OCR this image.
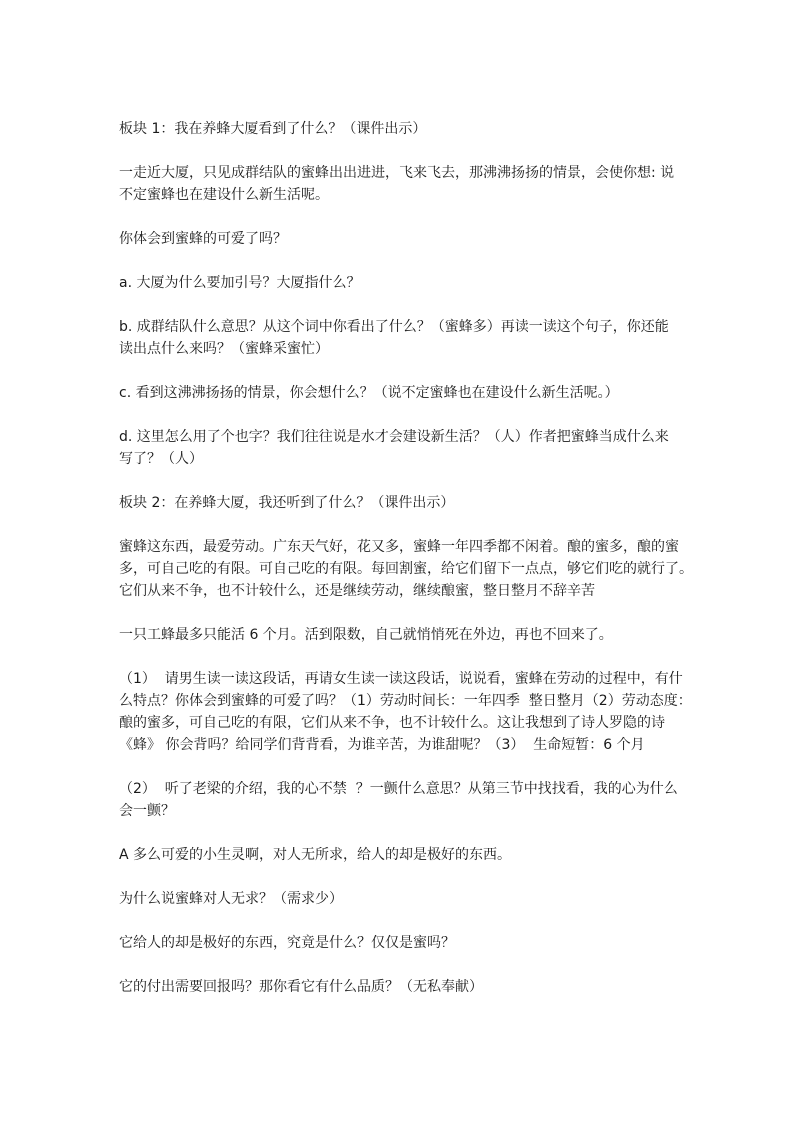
板块 1：我在养蜂大厦看到了什么？（课件出示）

一走近大厦，只见成群结队的蜜蜂出出进进，飞来飞去，那沸沸扬扬的情景，会使你想: 说
不定蜜蜂也在建设什么新生活呢。

你体会到蜜蜂的可爱了吗？

a. 大厦为什么要加引号？大厦指什么？

b. 成群结队什么意思？从这个词中你看出了什么？（蜜蜂多）再读一读这个句子，你还能
读出点什么来吗？（蜜蜂采蜜忙）

c. 看到这沸沸扬扬的情景，你会想什么？（说不定蜜蜂也在建设什么新生活呢。）

d. 这里怎么用了个也字？我们往往说是水才会建设新生活？（人）作者把蜜蜂当成什么来
写了？（人）

板块 2：在养蜂大厦，我还听到了什么？（课件出示）

蜜蜂这东西，最爱劳动。广东天气好，花又多，蜜蜂一年四季都不闲着。酿的蜜多，酿的蜜
多，可自己吃的有限。可自己吃的有限。每回割蜜，给它们留下一点点，够它们吃的就行了。
它们从来不争，也不计较什么，还是继续劳动，继续酿蜜，整日整月不辞辛苦

一只工蜂最多只能活 6 个月。活到限数，自己就悄悄死在外边，再也不回来了。

（1）  请男生读一读这段话，再请女生读一读这段话，说说看，蜜蜂在劳动的过程中，有什
么特点？你体会到蜜蜂的可爱了吗？（1）劳动时间长：一年四季  整日整月（2）劳动态度：
酿的蜜多，可自己吃的有限，它们从来不争，也不计较什么。这让我想到了诗人罗隐的诗
《蜂》 你会背吗？给同学们背背看，为谁辛苦，为谁甜呢？（3）  生命短暂：6 个月

（2）  听了老梁的介绍，我的心不禁  ？一颤什么意思？从第三节中找找看，我的心为什么
会一颤？

A 多么可爱的小生灵啊，对人无所求，给人的却是极好的东西。

为什么说蜜蜂对人无求？（需求少）

它给人的却是极好的东西，究竟是什么？仅仅是蜜吗？

它的付出需要回报吗？那你看它有什么品质？（无私奉献）
